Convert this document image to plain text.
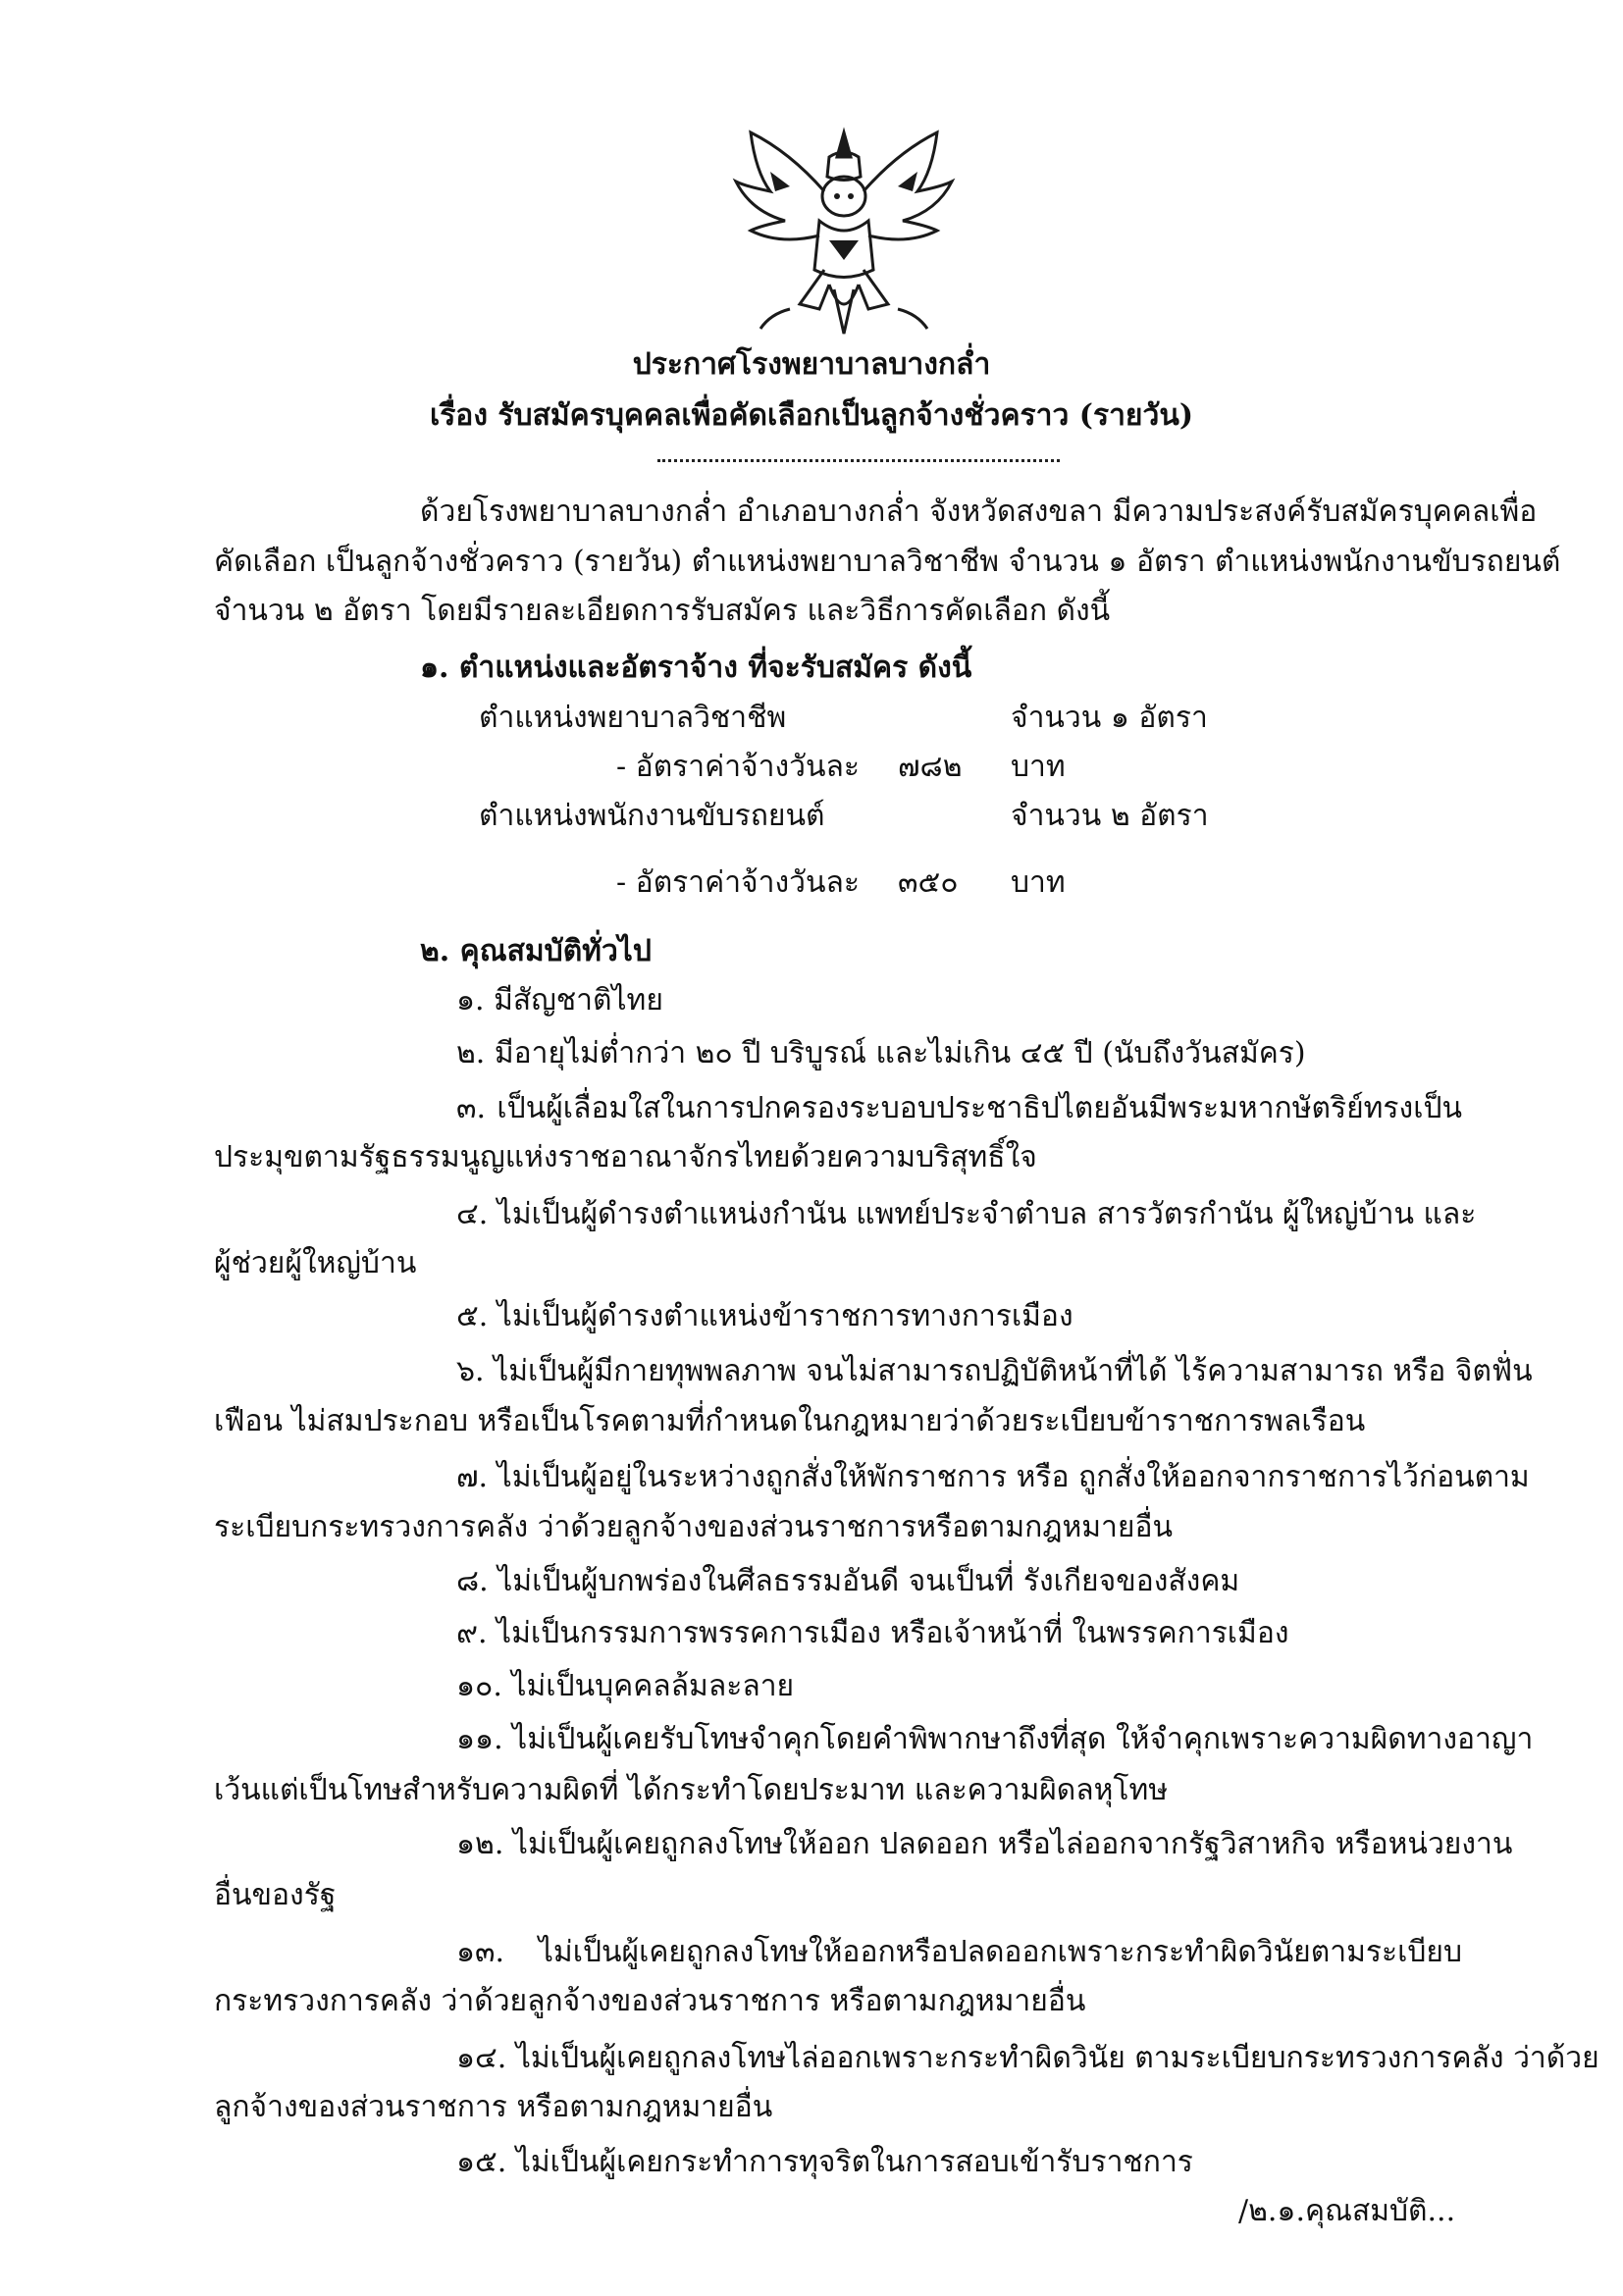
ประกาศโรงพยาบาลบางกล่ำ
เรื่อง รับสมัครบุคคลเพื่อคัดเลือกเป็นลูกจ้างชั่วคราว (รายวัน)
ด้วยโรงพยาบาลบางกล่ำ อำเภอบางกล่ำ จังหวัดสงขลา มีความประสงค์รับสมัครบุคคลเพื่อ
คัดเลือก เป็นลูกจ้างชั่วคราว (รายวัน) ตำแหน่งพยาบาลวิชาชีพ จำนวน ๑ อัตรา ตำแหน่งพนักงานขับรถยนต์
จำนวน ๒ อัตรา โดยมีรายละเอียดการรับสมัคร และวิธีการคัดเลือก ดังนี้
๑. ตำแหน่งและอัตราจ้าง ที่จะรับสมัคร ดังนี้
ตำแหน่งพยาบาลวิชาชีพ	จำนวน ๑ อัตรา
- อัตราค่าจ้างวันละ ๗๘๒ บาท
ตำแหน่งพนักงานขับรถยนต์	จำนวน ๒ อัตรา
- อัตราค่าจ้างวันละ ๓๕๐ บาท
๒. คุณสมบัติทั่วไป
๑. มีสัญชาติไทย
๒. มีอายุไม่ต่ำกว่า ๒๐ ปี บริบูรณ์ และไม่เกิน ๔๕ ปี (นับถึงวันสมัคร)
๓. เป็นผู้เลื่อมใสในการปกครองระบอบประชาธิปไตยอันมีพระมหากษัตริย์ทรงเป็น
ประมุขตามรัฐธรรมนูญแห่งราชอาณาจักรไทยด้วยความบริสุทธิ์ใจ
๔. ไม่เป็นผู้ดำรงตำแหน่งกำนัน แพทย์ประจำตำบล สารวัตรกำนัน ผู้ใหญ่บ้าน และ
ผู้ช่วยผู้ใหญ่บ้าน
๕. ไม่เป็นผู้ดำรงตำแหน่งข้าราชการทางการเมือง
๖. ไม่เป็นผู้มีกายทุพพลภาพ จนไม่สามารถปฏิบัติหน้าที่ได้ ไร้ความสามารถ หรือ จิตฟั่น
เฟือน ไม่สมประกอบ หรือเป็นโรคตามที่กำหนดในกฎหมายว่าด้วยระเบียบข้าราชการพลเรือน
๗. ไม่เป็นผู้อยู่ในระหว่างถูกสั่งให้พักราชการ หรือ ถูกสั่งให้ออกจากราชการไว้ก่อนตาม
ระเบียบกระทรวงการคลัง ว่าด้วยลูกจ้างของส่วนราชการหรือตามกฎหมายอื่น
๘. ไม่เป็นผู้บกพร่องในศีลธรรมอันดี จนเป็นที่ รังเกียจของสังคม
๙. ไม่เป็นกรรมการพรรคการเมือง หรือเจ้าหน้าที่ ในพรรคการเมือง
๑๐. ไม่เป็นบุคคลล้มละลาย
๑๑. ไม่เป็นผู้เคยรับโทษจำคุกโดยคำพิพากษาถึงที่สุด ให้จำคุกเพราะความผิดทางอาญา
เว้นแต่เป็นโทษสำหรับความผิดที่ ได้กระทำโดยประมาท และความผิดลหุโทษ
๑๒. ไม่เป็นผู้เคยถูกลงโทษให้ออก ปลดออก หรือไล่ออกจากรัฐวิสาหกิจ หรือหน่วยงาน
อื่นของรัฐ
๑๓. ไม่เป็นผู้เคยถูกลงโทษให้ออกหรือปลดออกเพราะกระทำผิดวินัยตามระเบียบ
กระทรวงการคลัง ว่าด้วยลูกจ้างของส่วนราชการ หรือตามกฎหมายอื่น
๑๔. ไม่เป็นผู้เคยถูกลงโทษไล่ออกเพราะกระทำผิดวินัย ตามระเบียบกระทรวงการคลัง ว่าด้วย
ลูกจ้างของส่วนราชการ หรือตามกฎหมายอื่น
๑๕. ไม่เป็นผู้เคยกระทำการทุจริตในการสอบเข้ารับราชการ
/๒.๑.คุณสมบัติ...
